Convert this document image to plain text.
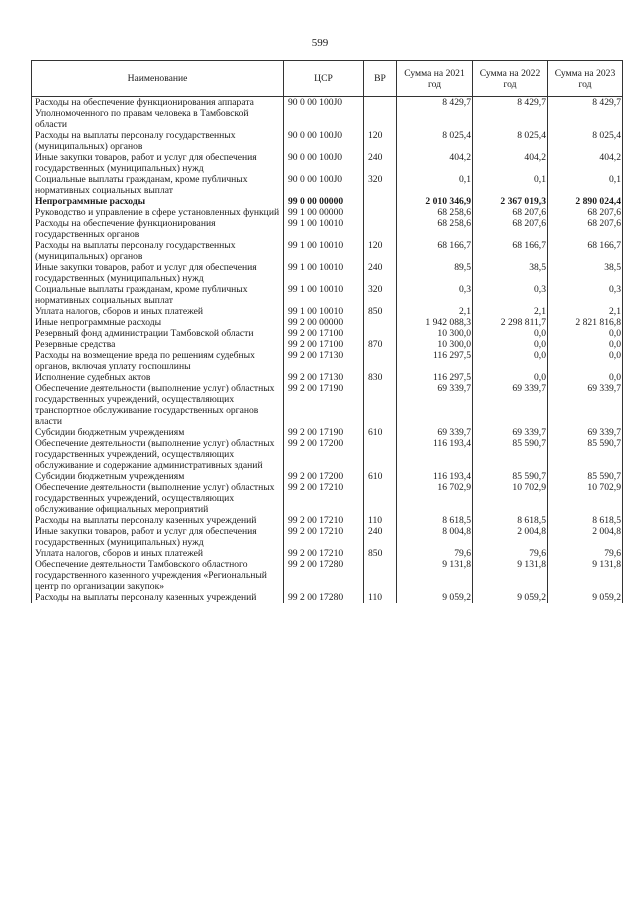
599
Наименование	ЦСР	ВР	Сумма на 2021 год	Сумма на 2022 год	Сумма на 2023 год
Расходы на обеспечение функционирования аппарата Уполномоченного по правам человека в Тамбовской области	90 0 00 100J0		8 429,7	8 429,7	8 429,7
Расходы на выплаты персоналу государственных (муниципальных) органов	90 0 00 100J0	120	8 025,4	8 025,4	8 025,4
Иные закупки товаров, работ и услуг для обеспечения государственных (муниципальных) нужд	90 0 00 100J0	240	404,2	404,2	404,2
Социальные выплаты гражданам, кроме публичных нормативных социальных выплат	90 0 00 100J0	320	0,1	0,1	0,1
Непрограммные расходы	99 0 00 00000		2 010 346,9	2 367 019,3	2 890 024,4
Руководство и управление в сфере установленных функций	99 1 00 00000		68 258,6	68 207,6	68 207,6
Расходы на обеспечение функционирования государственных органов	99 1 00 10010		68 258,6	68 207,6	68 207,6
Расходы на выплаты персоналу государственных (муниципальных) органов	99 1 00 10010	120	68 166,7	68 166,7	68 166,7
Иные закупки товаров, работ и услуг для обеспечения государственных (муниципальных) нужд	99 1 00 10010	240	89,5	38,5	38,5
Социальные выплаты гражданам, кроме публичных нормативных социальных выплат	99 1 00 10010	320	0,3	0,3	0,3
Уплата налогов, сборов и иных платежей	99 1 00 10010	850	2,1	2,1	2,1
Иные непрограммные расходы	99 2 00 00000		1 942 088,3	2 298 811,7	2 821 816,8
Резервный фонд администрации Тамбовской области	99 2 00 17100		10 300,0	0,0	0,0
Резервные средства	99 2 00 17100	870	10 300,0	0,0	0,0
Расходы на возмещение вреда по решениям судебных органов, включая уплату госпошлины	99 2 00 17130		116 297,5	0,0	0,0
Исполнение судебных актов	99 2 00 17130	830	116 297,5	0,0	0,0
Обеспечение деятельности (выполнение услуг) областных государственных учреждений, осуществляющих транспортное обслуживание государственных органов власти	99 2 00 17190		69 339,7	69 339,7	69 339,7
Субсидии бюджетным учреждениям	99 2 00 17190	610	69 339,7	69 339,7	69 339,7
Обеспечение деятельности (выполнение услуг) областных государственных учреждений, осуществляющих обслуживание и содержание административных зданий	99 2 00 17200		116 193,4	85 590,7	85 590,7
Субсидии бюджетным учреждениям	99 2 00 17200	610	116 193,4	85 590,7	85 590,7
Обеспечение деятельности (выполнение услуг) областных государственных учреждений, осуществляющих обслуживание официальных мероприятий	99 2 00 17210		16 702,9	10 702,9	10 702,9
Расходы на выплаты персоналу казенных учреждений	99 2 00 17210	110	8 618,5	8 618,5	8 618,5
Иные закупки товаров, работ и услуг для обеспечения государственных (муниципальных) нужд	99 2 00 17210	240	8 004,8	2 004,8	2 004,8
Уплата налогов, сборов и иных платежей	99 2 00 17210	850	79,6	79,6	79,6
Обеспечение деятельности Тамбовского областного государственного казенного учреждения «Региональный центр по организации закупок»	99 2 00 17280		9 131,8	9 131,8	9 131,8
Расходы на выплаты персоналу казенных учреждений	99 2 00 17280	110	9 059,2	9 059,2	9 059,2
